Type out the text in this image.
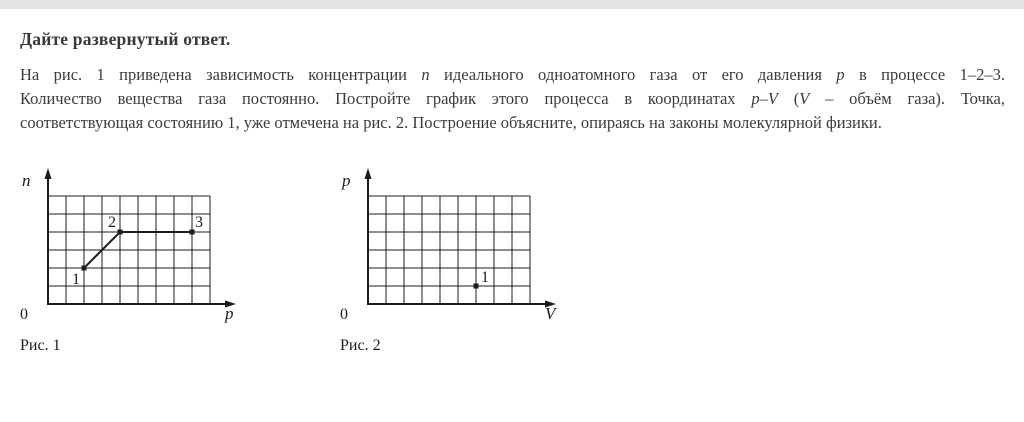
Дайте развернутый ответ.
На рис. 1 приведена зависимость концентрации n идеального одноатомного газа от его давления p в процессе 1–2–3.
Количество вещества газа постоянно. Постройте график этого процесса в координатах p–V (V – объём газа). Точка,
соответствующая состоянию 1, уже отмечена на рис. 2. Построение объясните, опираясь на законы молекулярной физики.
n
p
0
1
2	3
Рис. 1
p
V
0
1
Рис. 2
